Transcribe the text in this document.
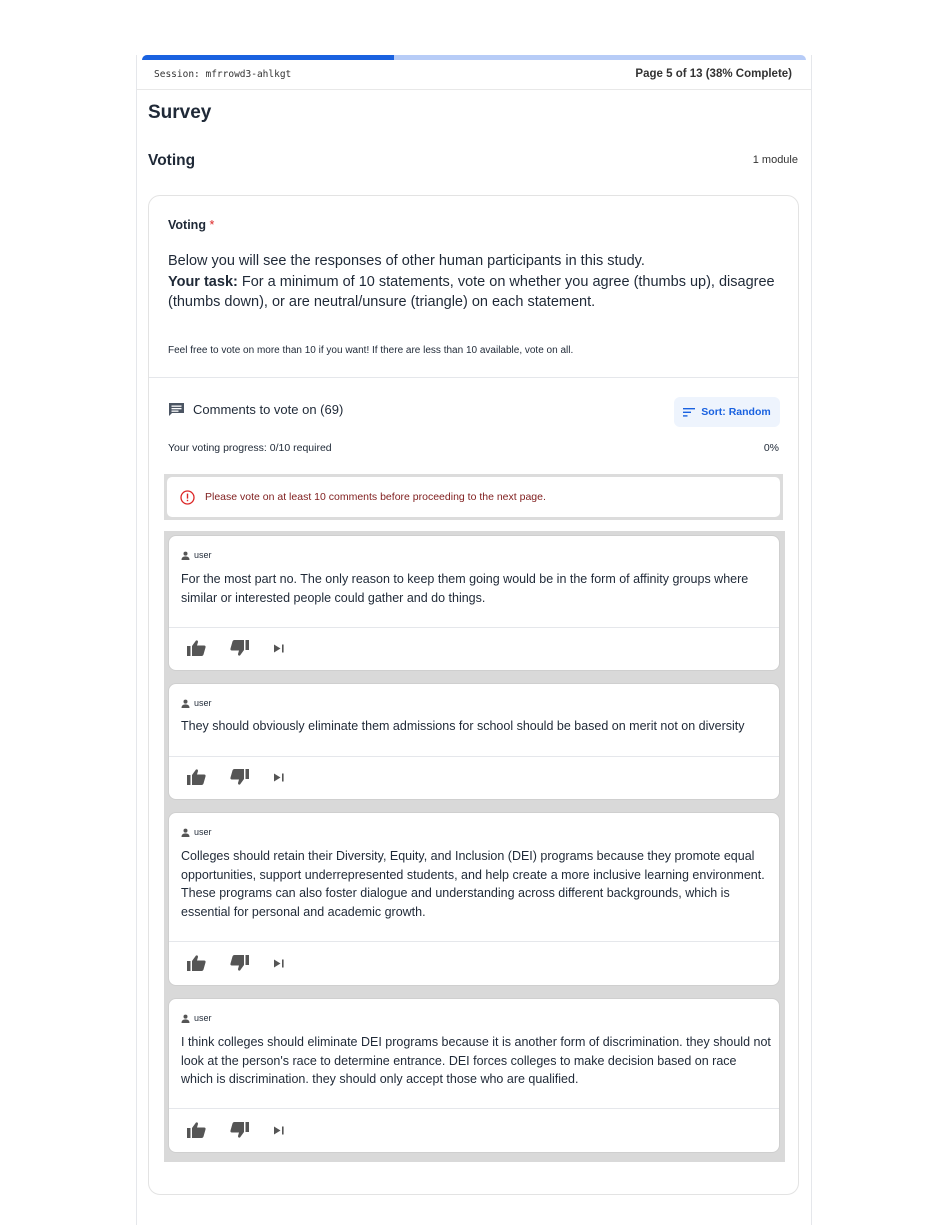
Session: mfrrowd3-ahlkgt	Page 5 of 13 (38% Complete)
Survey
Voting	1 module
Voting *
Below you will see the responses of other human participants in this study.
Your task: For a minimum of 10 statements, vote on whether you agree (thumbs up), disagree (thumbs down), or are neutral/unsure (triangle) on each statement.
Feel free to vote on more than 10 if you want! If there are less than 10 available, vote on all.
Comments to vote on (69)	Sort: Random
Your voting progress: 0/10 required	0%
Please vote on at least 10 comments before proceeding to the next page.
user
For the most part no. The only reason to keep them going would be in the form of affinity groups where similar or interested people could gather and do things.
user
They should obviously eliminate them admissions for school should be based on merit not on diversity
user
Colleges should retain their Diversity, Equity, and Inclusion (DEI) programs because they promote equal opportunities, support underrepresented students, and help create a more inclusive learning environment. These programs can also foster dialogue and understanding across different backgrounds, which is essential for personal and academic growth.
user
I think colleges should eliminate DEI programs because it is another form of discrimination. they should not look at the person's race to determine entrance. DEI forces colleges to make decision based on race which is discrimination. they should only accept those who are qualified.
